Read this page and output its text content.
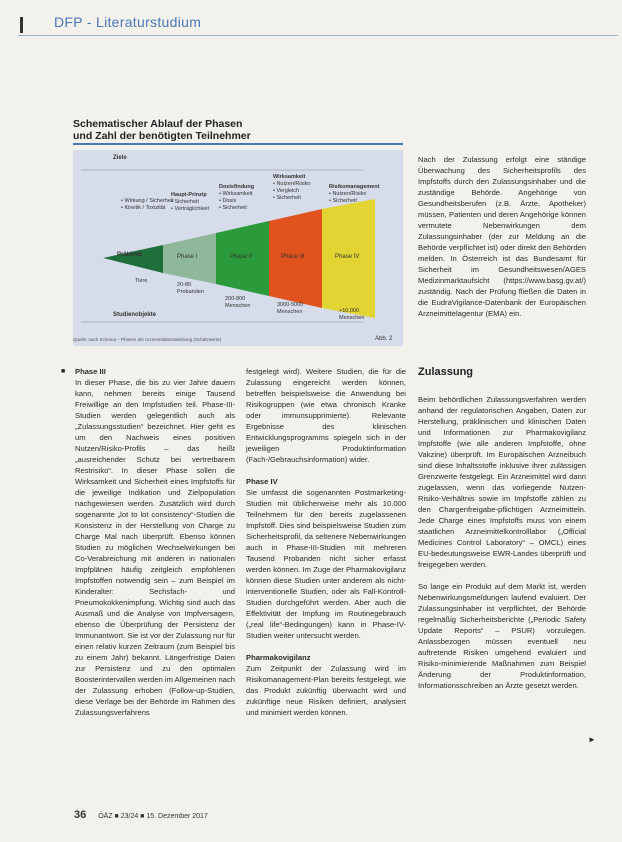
DFP - Literaturstudium
Schematischer Ablauf der Phasen
und Zahl der benötigten Teilnehmer
Ziele
Studienobjekte
Präklinik	Phase I	Phase II	Phase III	Phase IV
• Wirkung / Sicherheit
• Kinetik / Toxizität
Haupt-Prinzip
• Sicherheit
• Verträglichkeit
Dosisfindung
• Wirksamkeit
• Dosis
• Sicherheit
Wirksamkeit
• Nutzen/Risiko
• Vergleich
• Sicherheit
Risikomanagement
• Nutzen/Risiko
• Sicherheit
Tiere
20-80 Probanden
200-800 Menschen	3000-5000 Menschen	>10.000 Menschen
Quelle: nach Schema – Phasen der Arzneimittelentwicklung (Schätzwerte)	Abb. 2
■ Phase III

In dieser Phase, die bis zu vier Jahre dauern kann, nehmen bereits einige Tausend Freiwillige an den Impfstudien teil. Phase-III-Studien werden gelegentlich auch als „Zulassungsstudien“ bezeichnet. Hier geht es um den Nachweis eines positiven Nutzen/Risiko-Profils – das heißt „ausreichender Schutz bei vertretbarem Restrisiko“. In dieser Phase sollen die Wirksamkeit und Sicherheit eines Impfstoffs für die jeweilige Indikation und Zielpopulation nachgewiesen werden. Zusätzlich wird durch sogenannte „lot to lot consistency“-Studien die Konsistenz in der Herstellung von Charge zu Charge Mal nach überprüft. Ebenso können Studien zu möglichen Wechselwirkungen bei Co-Verabreichung mit anderen in nationalen Impfplänen häufig zeitgleich empfohlenen Impfstoffen notwendig sein – zum Beispiel im Kinderalter: Sechsfach- und Pneumokokkenimpfung. Wichtig sind auch das Ausmaß und die Analyse von Impfversagern, ebenso die Überprüfung der Persistenz der Immunantwort. Sie ist vor der Zulassung nur für einen relativ kurzen Zeitraum (zum Beispiel bis zu einem Jahr) bekannt. Längerfristige Daten zur Persistenz und zu den optimalen Boosterintervallen werden im Allgemeinen nach der Zulassung erhoben (Follow-up-Studien, diese Verlage bei der Behörde im Rahmen des Zulassungsverfahrens

festgelegt wird). Weitere Studien, die für die Zulassung eingereicht werden können, betreffen beispielsweise die Anwendung bei Risikogruppen (wie etwa chronisch Kranke oder immunsupprimierte). Relevante Ergebnisse des klinischen Entwicklungsprogramms spiegeln sich in der jeweiligen Produktinformation (Fach-/Gebrauchsinformation) wider.

Phase IV

Sie umfasst die sogenannten Postmarketing-Studien mit üblicherweise mehr als 10.000 Teilnehmern für den bereits zugelassenen Impfstoff. Dies sind beispielsweise Studien zum Sicherheitsprofil, da seltenere Nebenwirkungen auch in Phase-III-Studien mit mehreren Tausend Probanden nicht sicher erfasst werden können. Im Zuge der Pharmakovigilanz können diese Studien unter anderem als nicht-interventionelle Studien, oder als Fall-Kontroll-Studien durchgeführt werden. Aber auch die Effektivität der Impfung im Routinegebrauch („real life“-Bedingungen) kann in Phase-IV-Studien weiter untersucht werden.

Pharmakovigilanz

Zum Zeitpunkt der Zulassung wird im Risikomanagement-Plan bereits festgelegt, wie das Produkt zukünftig überwacht wird und zukünftige neue Risiken definiert, analysiert und minimiert werden können.

Nach der Zulassung erfolgt eine ständige Überwachung des Sicherheitsprofils des Impfstoffs durch den Zulassungsinhaber und die zuständige Behörde. Angehörige von Gesundheitsberufen (z.B. Ärzte, Apotheker) müssen, Patienten und deren Angehörige können vermutete Nebenwirkungen dem Zulassungsinhaber (der zur Meldung an die Behörde verpflichtet ist) oder direkt den Behörden melden. In Österreich ist das Bundesamt für Sicherheit im Gesundheitswesen/AGES Medizinmarktaufsicht (https://www.basg.gv.at/) zuständig. Nach der Prüfung fließen die Daten in die EudraVigilance-Datenbank der Europäischen Arzneimittelagentur (EMA) ein.

Zulassung

Beim behördlichen Zulassungsverfahren werden anhand der regulatorischen Angaben, Daten zur Herstellung, präklinischen und klinischen Daten und Informationen zur Pharmakovigilanz Impfstoffe (wie alle anderen Impfstoffe, ohne Vakzine) überprüft. Im Europäischen Arzneibuch sind diese Inhaltsstoffe inklusive ihrer zulässigen Grenzwerte festgelegt. Ein Arzneimittel wird dann zugelassen, wenn das vorliegende Nutzen-Risiko-Verhältnis sowie im Impfstoffe zählen zu den Chargenfreigabe-pflichtigen Arzneimitteln. Jede Charge eines Impfstoffs muss von einem staatlichen Arzneimittelkontrolllabor („Official Medicines Control Laboratory“ – OMCL) eines EU-bedeutungsweise EWR-Landes überprüft und freigegeben werden.

So lange ein Produkt auf dem Markt ist, werden Nebenwirkungsmeldungen laufend evaluiert. Der Zulassungsinhaber ist verpflichtet, der Behörde regelmäßig Sicherheitsberichte („Periodic Safety Update Reports“ – PSUR) vorzulegen. Anlassbezogen müssen eventuell neu auftretende Risiken umgehend evaluiert und Risiko-minimierende Maßnahmen zum Beispiel Änderung der Produktinformation, Informationsschreiben an Ärzte gesetzt werden.

►
36 ÖÄZ ■ 23/24 ■ 15. Dezember 2017
